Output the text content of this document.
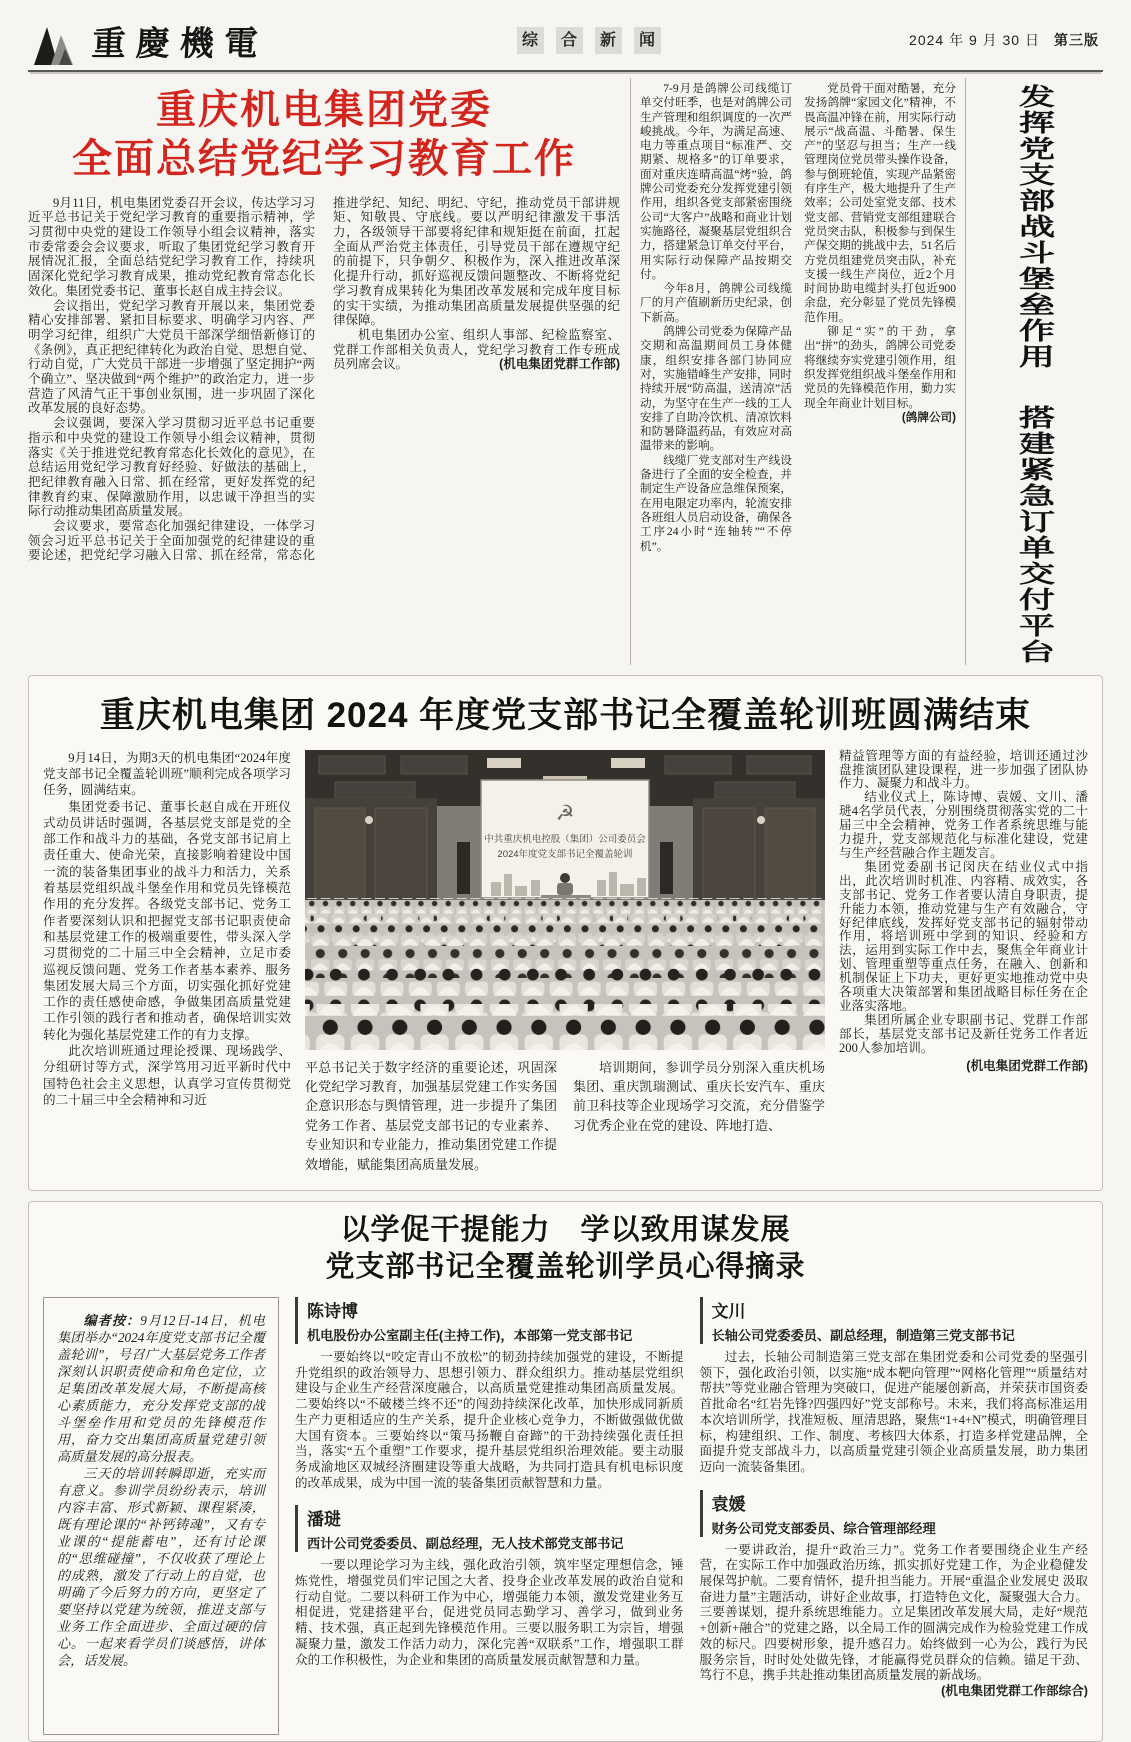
重慶機電	综	合	新	闻	2024 年 9 月 30 日 第三版
重庆机电集团党委
全面总结党纪学习教育工作

9月11日，机电集团党委召开会议，传达学习习近平总书记关于党纪学习教育的重要指示精神，学习贯彻中央党的建设工作领导小组会议精神，落实市委常委会会议要求，听取了集团党纪学习教育开展情况汇报，全面总结党纪学习教育工作，持续巩固深化党纪学习教育成果，推动党纪教育常态化长效化。集团党委书记、董事长赵自成主持会议。

会议指出，党纪学习教育开展以来，集团党委精心安排部署、紧扣目标要求、明确学习内容、严明学习纪律，组织广大党员干部深学细悟新修订的《条例》，真正把纪律转化为政治自觉、思想自觉、行动自觉，广大党员干部进一步增强了坚定拥护“两个确立”、坚决做到“两个维护”的政治定力，进一步营造了风清气正干事创业氛围，进一步巩固了深化改革发展的良好态势。

会议强调，要深入学习贯彻习近平总书记重要指示和中央党的建设工作领导小组会议精神，贯彻落实《关于推进党纪教育常态化长效化的意见》，在总结运用党纪学习教育好经验、好做法的基础上，把纪律教育融入日常、抓在经常，更好发挥党的纪律教育约束、保障激励作用，以忠诚干净担当的实际行动推动集团高质量发展。

会议要求，要常态化加强纪律建设，一体学习领会习近平总书记关于全面加强党的纪律建设的重要论述，把党纪学习融入日常、抓在经常，常态化推进学纪、知纪、明纪、守纪，推动党员干部讲规矩、知敬畏、守底线。要以严明纪律激发干事活力，各级领导干部要将纪律和规矩挺在前面，扛起全面从严治党主体责任，引导党员干部在遵规守纪的前提下，只争朝夕、积极作为，深入推进改革深化提升行动，抓好巡视反馈问题整改、不断将党纪学习教育成果转化为集团改革发展和完成年度目标的实干实绩，为推动集团高质量发展提供坚强的纪律保障。

机电集团办公室、组织人事部、纪检监察室、党群工作部相关负责人，党纪学习教育工作专班成员列席会议。	(机电集团党群工作部)

7-9月是鸽牌公司线缆订单交付旺季，也是对鸽牌公司生产管理和组织调度的一次严峻挑战。今年，为满足高速、电力等重点项目“标准严、交期紧、规格多”的订单要求，面对重庆连晴高温“烤”验，鸽牌公司党委充分发挥党建引领作用，组织各党支部紧密围绕公司“大客户”战略和商业计划实施路径，凝聚基层党组织合力，搭建紧急订单交付平台，用实际行动保障产品按期交付。

今年8月，鸽牌公司线缆厂的月产值刷新历史纪录，创下新高。

鸽牌公司党委为保障产品交期和高温期间员工身体健康，组织安排各部门协同应对，实施错峰生产安排，同时持续开展“防高温，送清凉”活动，为坚守在生产一线的工人安排了自助冷饮机、清凉饮料和防暑降温药品，有效应对高温带来的影响。

线缆厂党支部对生产线设备进行了全面的安全检查，并制定生产设备应急维保预案，在用电限定功率内，轮流安排各班组人员启动设备，确保各工序24小时“连轴转”“不停机”。

党员骨干面对酷暑，充分发扬鸽牌“家园文化”精神，不畏高温冲锋在前，用实际行动展示“战高温、斗酷暑、保生产”的坚忍与担当；生产一线管理岗位党员带头操作设备，参与倒班轮值，实现产品紧密有序生产，极大地提升了生产效率；公司处室党支部、技术党支部、营销党支部组建联合党员突击队，积极参与到保生产保交期的挑战中去，51名后方党员组建党员突击队，补充支援一线生产岗位，近2个月时间协助电缆封头打包近900余盘，充分彰显了党员先锋模范作用。

铆足“实”的干劲，拿出“拼”的劲头，鸽牌公司党委将继续夯实党建引领作用，组织发挥党组织战斗堡垒作用和党员的先锋模范作用，勤力实现全年商业计划目标。
(鸽牌公司)

发挥党支部战斗堡垒作用 搭建紧急订单交付平台
重庆机电集团 2024 年度党支部书记全覆盖轮训班圆满结束

9月14日，为期3天的机电集团“2024年度党支部书记全覆盖轮训班”顺利完成各项学习任务，圆满结束。

集团党委书记、董事长赵自成在开班仪式动员讲话时强调，各基层党支部是党的全部工作和战斗力的基础，各党支部书记肩上责任重大、使命光荣，直接影响着建设中国一流的装备集团事业的战斗力和活力，关系着基层党组织战斗堡垒作用和党员先锋模范作用的充分发挥。各级党支部书记、党务工作者要深刻认识和把握党支部书记职责使命和基层党建工作的极端重要性，带头深入学习贯彻党的二十届三中全会精神，立足市委巡视反馈问题、党务工作者基本素养、服务集团发展大局三个方面，切实强化抓好党建工作的责任感使命感，争做集团高质量党建工作引领的践行者和推动者，确保培训实效转化为强化基层党建工作的有力支撑。

此次培训班通过理论授课、现场践学、分组研讨等方式，深学笃用习近平新时代中国特色社会主义思想，认真学习宣传贯彻党的二十届三中全会精神和习近

☭
中共重庆机电控股（集团）公司委员会
2024年度党支部书记全覆盖轮训

平总书记关于数字经济的重要论述，巩固深化党纪学习教育，加强基层党建工作实务国企意识形态与舆情管理，进一步提升了集团党务工作者、基层党支部书记的专业素养、专业知识和专业能力，推动集团党建工作提效增能，赋能集团高质量发展。

培训期间，参训学员分别深入重庆机场集团、重庆凯瑞测试、重庆长安汽车、重庆前卫科技等企业现场学习交流，充分借鉴学习优秀企业在党的建设、阵地打造、

精益管理等方面的有益经验，培训还通过沙盘推演团队建设课程，进一步加强了团队协作力、凝聚力和战斗力。

结业仪式上，陈诗博、袁媛、文川、潘琎4名学员代表，分别围绕贯彻落实党的二十届三中全会精神，党务工作者系统思维与能力提升，党支部规范化与标准化建设，党建与生产经营融合作主题发言。

集团党委副书记闵庆在结业仪式中指出，此次培训时机准、内容精、成效实，各支部书记、党务工作者要认清自身职责，提升能力本领，推动党建与生产有效融合，守好纪律底线，发挥好党支部书记的辐射带动作用，将培训班中学到的知识、经验和方法，运用到实际工作中去，聚焦全年商业计划、管理重塑等重点任务，在融入、创新和机制保证上下功夫，更好更实地推动党中央各项重大决策部署和集团战略目标任务在企业落实落地。

集团所属企业专职副书记、党群工作部部长，基层党支部书记及新任党务工作者近200人参加培训。

(机电集团党群工作部)
以学促干提能力　学以致用谋发展
党支部书记全覆盖轮训学员心得摘录

编者按：9月12日-14日，机电集团举办“2024年度党支部书记全覆盖轮训”，号召广大基层党务工作者深刻认识职责使命和角色定位，立足集团改革发展大局，不断提高核心素质能力，充分发挥党支部的战斗堡垒作用和党员的先锋模范作用，奋力交出集团高质量党建引领高质量发展的高分报表。

三天的培训转瞬即逝，充实而有意义。参训学员纷纷表示，培训内容丰富、形式新颖、课程紧凑，既有理论课的“补钙铸魂”，又有专业课的“提能蓄电”，还有讨论课的“思维碰撞”，不仅收获了理论上的成熟，激发了行动上的自觉，也明确了今后努力的方向，更坚定了要坚持以党建为统领，推进支部与业务工作全面进步、全面过硬的信心。一起来看学员们谈感悟，讲体会，话发展。

陈诗博
机电股份办公室副主任(主持工作)，本部第一党支部书记

一要始终以“咬定青山不放松”的韧劲持续加强党的建设，不断提升党组织的政治领导力、思想引领力、群众组织力。推动基层党组织建设与企业生产经营深度融合，以高质量党建推动集团高质量发展。二要始终以“不破楼兰终不还”的闯劲持续深化改革，加快形成同新质生产力更相适应的生产关系，提升企业核心竞争力，不断做强做优做大国有资本。三要始终以“策马扬鞭自奋蹄”的干劲持续强化责任担当，落实“五个重塑”工作要求，提升基层党组织治理效能。要主动服务成渝地区双城经济圈建设等重大战略，为共同打造具有机电标识度的改革成果，成为中国一流的装备集团贡献智慧和力量。

潘琎
西计公司党委委员、副总经理，无人技术部党支部书记

一要以理论学习为主线，强化政治引领，筑牢坚定理想信念，锤炼党性，增强党员们牢记国之大者、投身企业改革发展的政治自觉和行动自觉。二要以科研工作为中心，增强能力本领，激发党建业务互相促进，党建搭建平台，促进党员同志勤学习、善学习，做到业务精、技术强，真正起到先锋模范作用。三要以服务职工为宗旨，增强凝聚力量，激发工作活力动力，深化完善“双联系”工作，增强职工群众的工作积极性，为企业和集团的高质量发展贡献智慧和力量。

文川
长轴公司党委委员、副总经理，制造第三党支部书记

过去，长轴公司制造第三党支部在集团党委和公司党委的坚强引领下，强化政治引领，以实施“成本靶向管理”“网格化管理”“质量结对帮扶”等党业融合管理为突破口，促进产能屡创新高，并荣获市国资委首批命名“红岩先锋?四强四好”党支部称号。未来，我们将高标准运用本次培训所学，找准短板、厘清思路，聚焦“1+4+N”模式，明确管理目标，构建组织、工作、制度、考核四大体系，打造多样党建品牌，全面提升党支部战斗力，以高质量党建引领企业高质量发展，助力集团迈向一流装备集团。

袁媛
财务公司党支部委员、综合管理部经理

一要讲政治，提升“政治三力”。党务工作者要围绕企业生产经营，在实际工作中加强政治历练，抓实抓好党建工作，为企业稳健发展保驾护航。二要育情怀，提升担当能力。开展“重温企业发展史 汲取奋进力量”主题活动，讲好企业故事，打造特色文化，凝聚强大合力。三要善谋划，提升系统思维能力。立足集团改革发展大局，走好“规范+创新+融合”的党建之路，以全局工作的圆满完成作为检验党建工作成效的标尺。四要树形象，提升感召力。始终做到一心为公，践行为民服务宗旨，时时处处做先锋，才能赢得党员群众的信赖。锚足干劲、笃行不息，携手共赴推动集团高质量发展的新战场。
(机电集团党群工作部综合)
